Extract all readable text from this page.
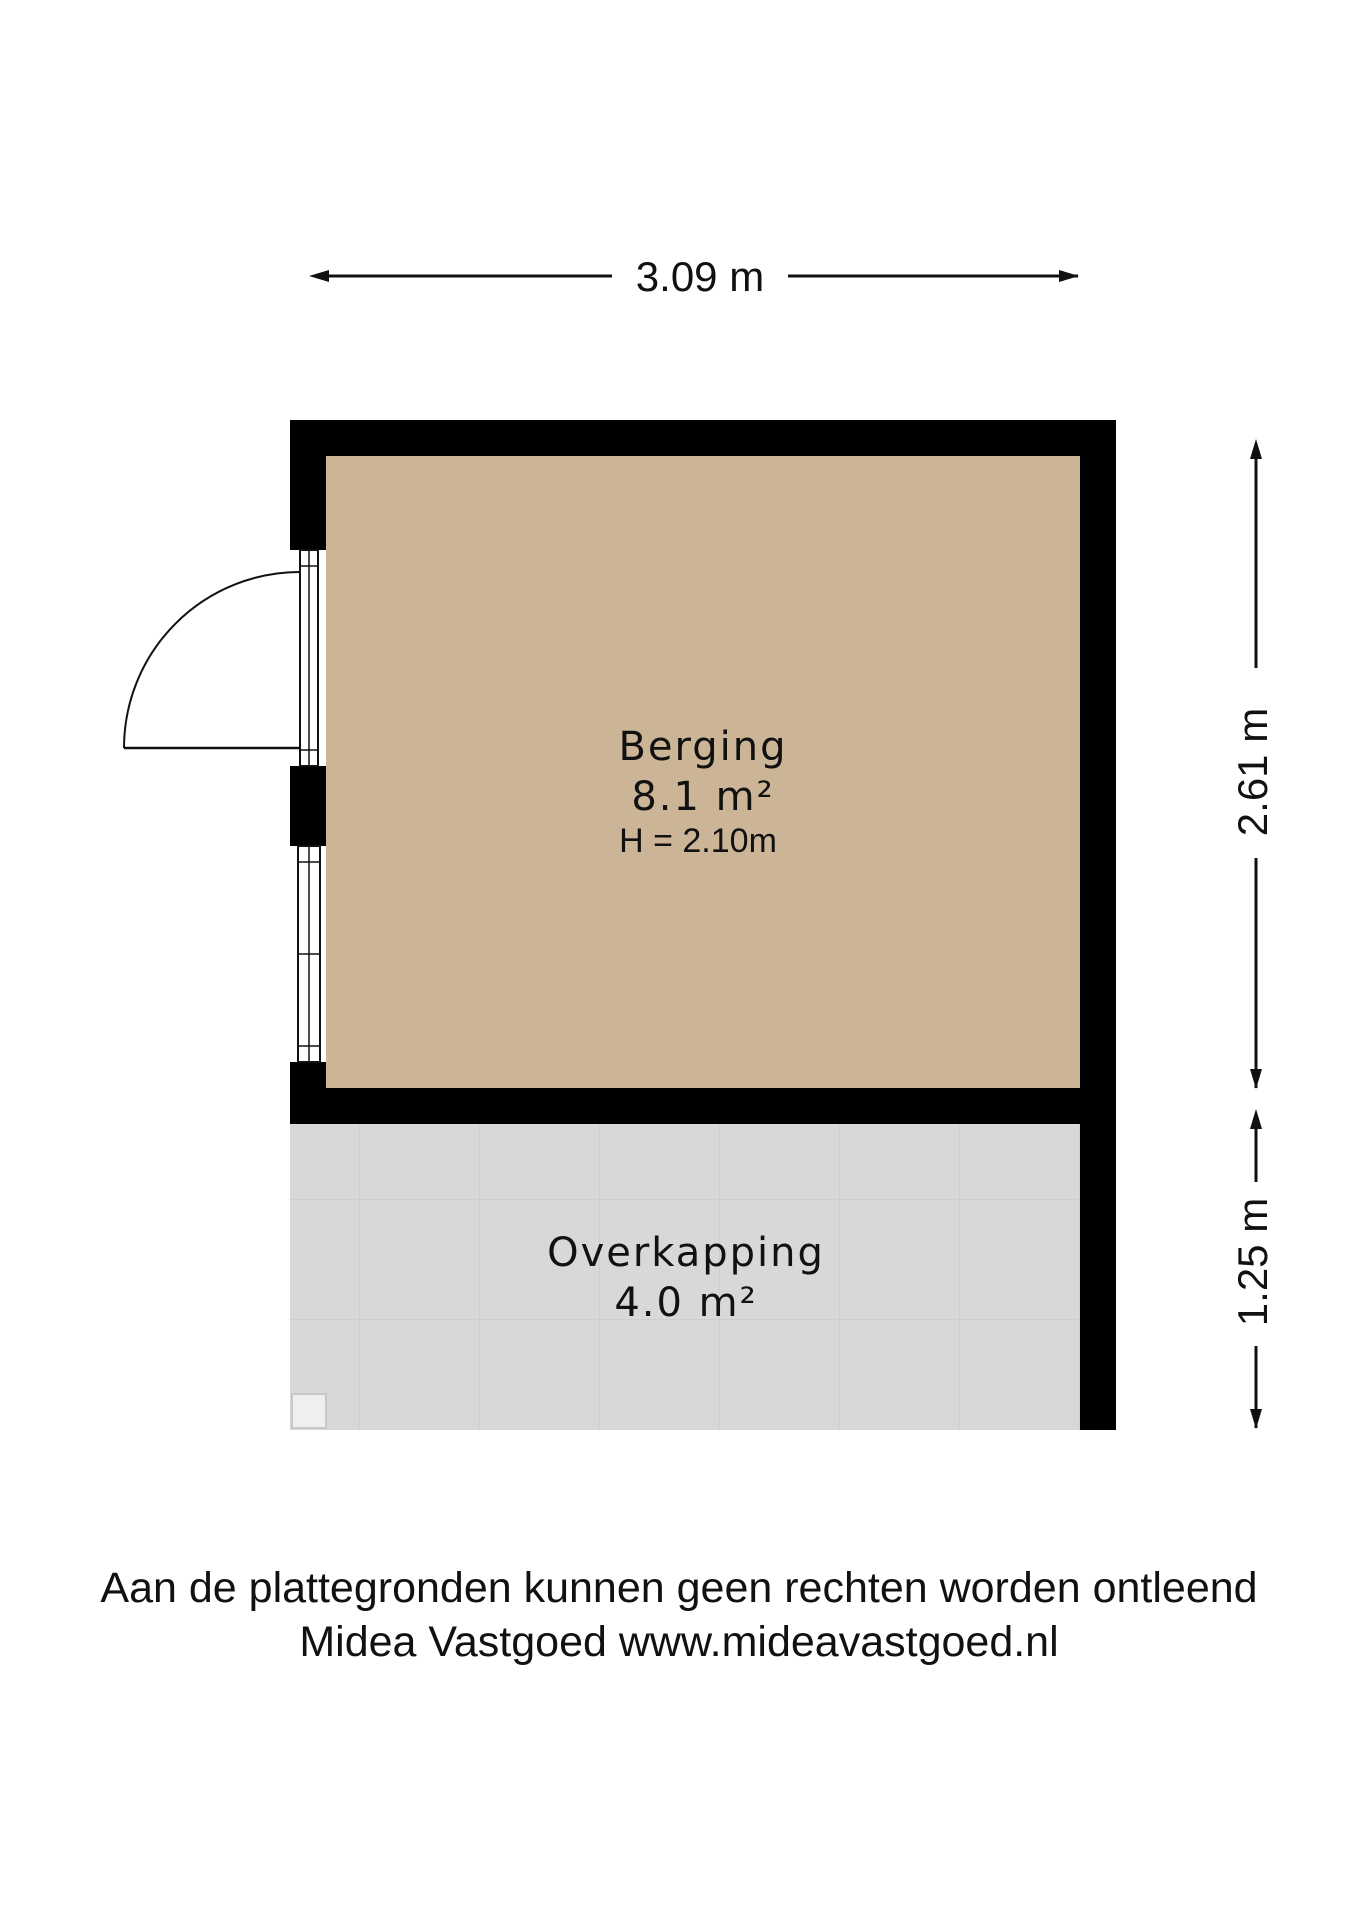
3.09 m
2.61 m
1.25 m
Berging
8.1 m²
H = 2.10m
Overkapping
4.0 m²
Aan de plattegronden kunnen geen rechten worden ontleend
Midea Vastgoed www.mideavastgoed.nl
